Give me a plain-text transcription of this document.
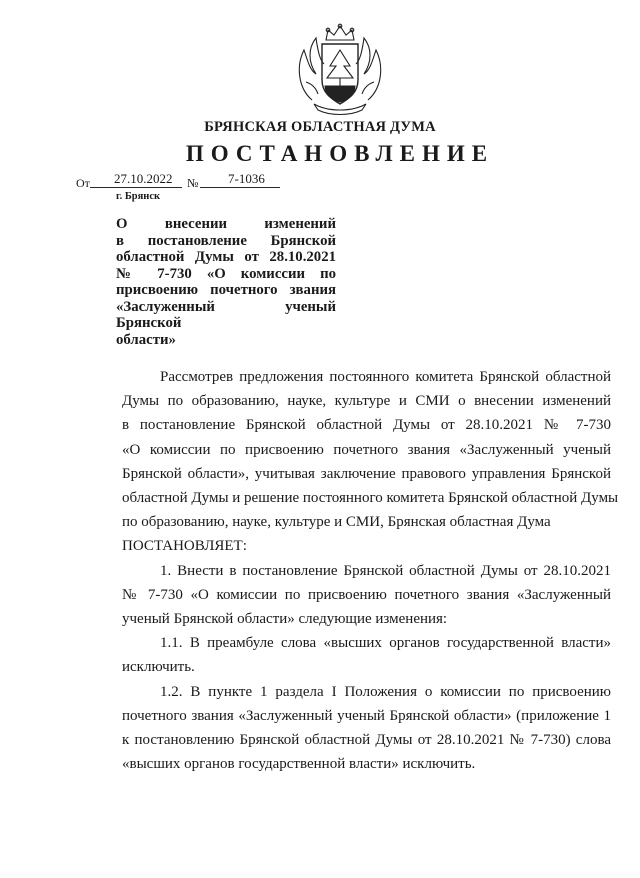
БРЯНСКАЯ ОБЛАСТНАЯ ДУМА
ПОСТАНОВЛЕНИЕ
От 27.10.2022 № 7-1036
г. Брянск
О внесении изменений
в постановление Брянской
областной Думы от 28.10.2021
№ 7-730 «О комиссии по
присвоению почетного звания
«Заслуженный ученый Брянской
области»
Рассмотрев предложения постоянного комитета Брянской областной
Думы по образованию, науке, культуре и СМИ о внесении изменений
в постановление Брянской областной Думы от 28.10.2021 № 7-730
«О комиссии по присвоению почетного звания «Заслуженный ученый
Брянской области», учитывая заключение правового управления Брянской
областной Думы и решение постоянного комитета Брянской областной Думы
по образованию, науке, культуре и СМИ, Брянская областная Дума

ПОСТАНОВЛЯЕТ:

1. Внести в постановление Брянской областной Думы от 28.10.2021
№ 7-730 «О комиссии по присвоению почетного звания «Заслуженный
ученый Брянской области» следующие изменения:
1.1. В преамбуле слова «высших органов государственной власти»
исключить.
1.2. В пункте 1 раздела I Положения о комиссии по присвоению
почетного звания «Заслуженный ученый Брянской области» (приложение 1
к постановлению Брянской областной Думы от 28.10.2021 № 7-730) слова
«высших органов государственной власти» исключить.
